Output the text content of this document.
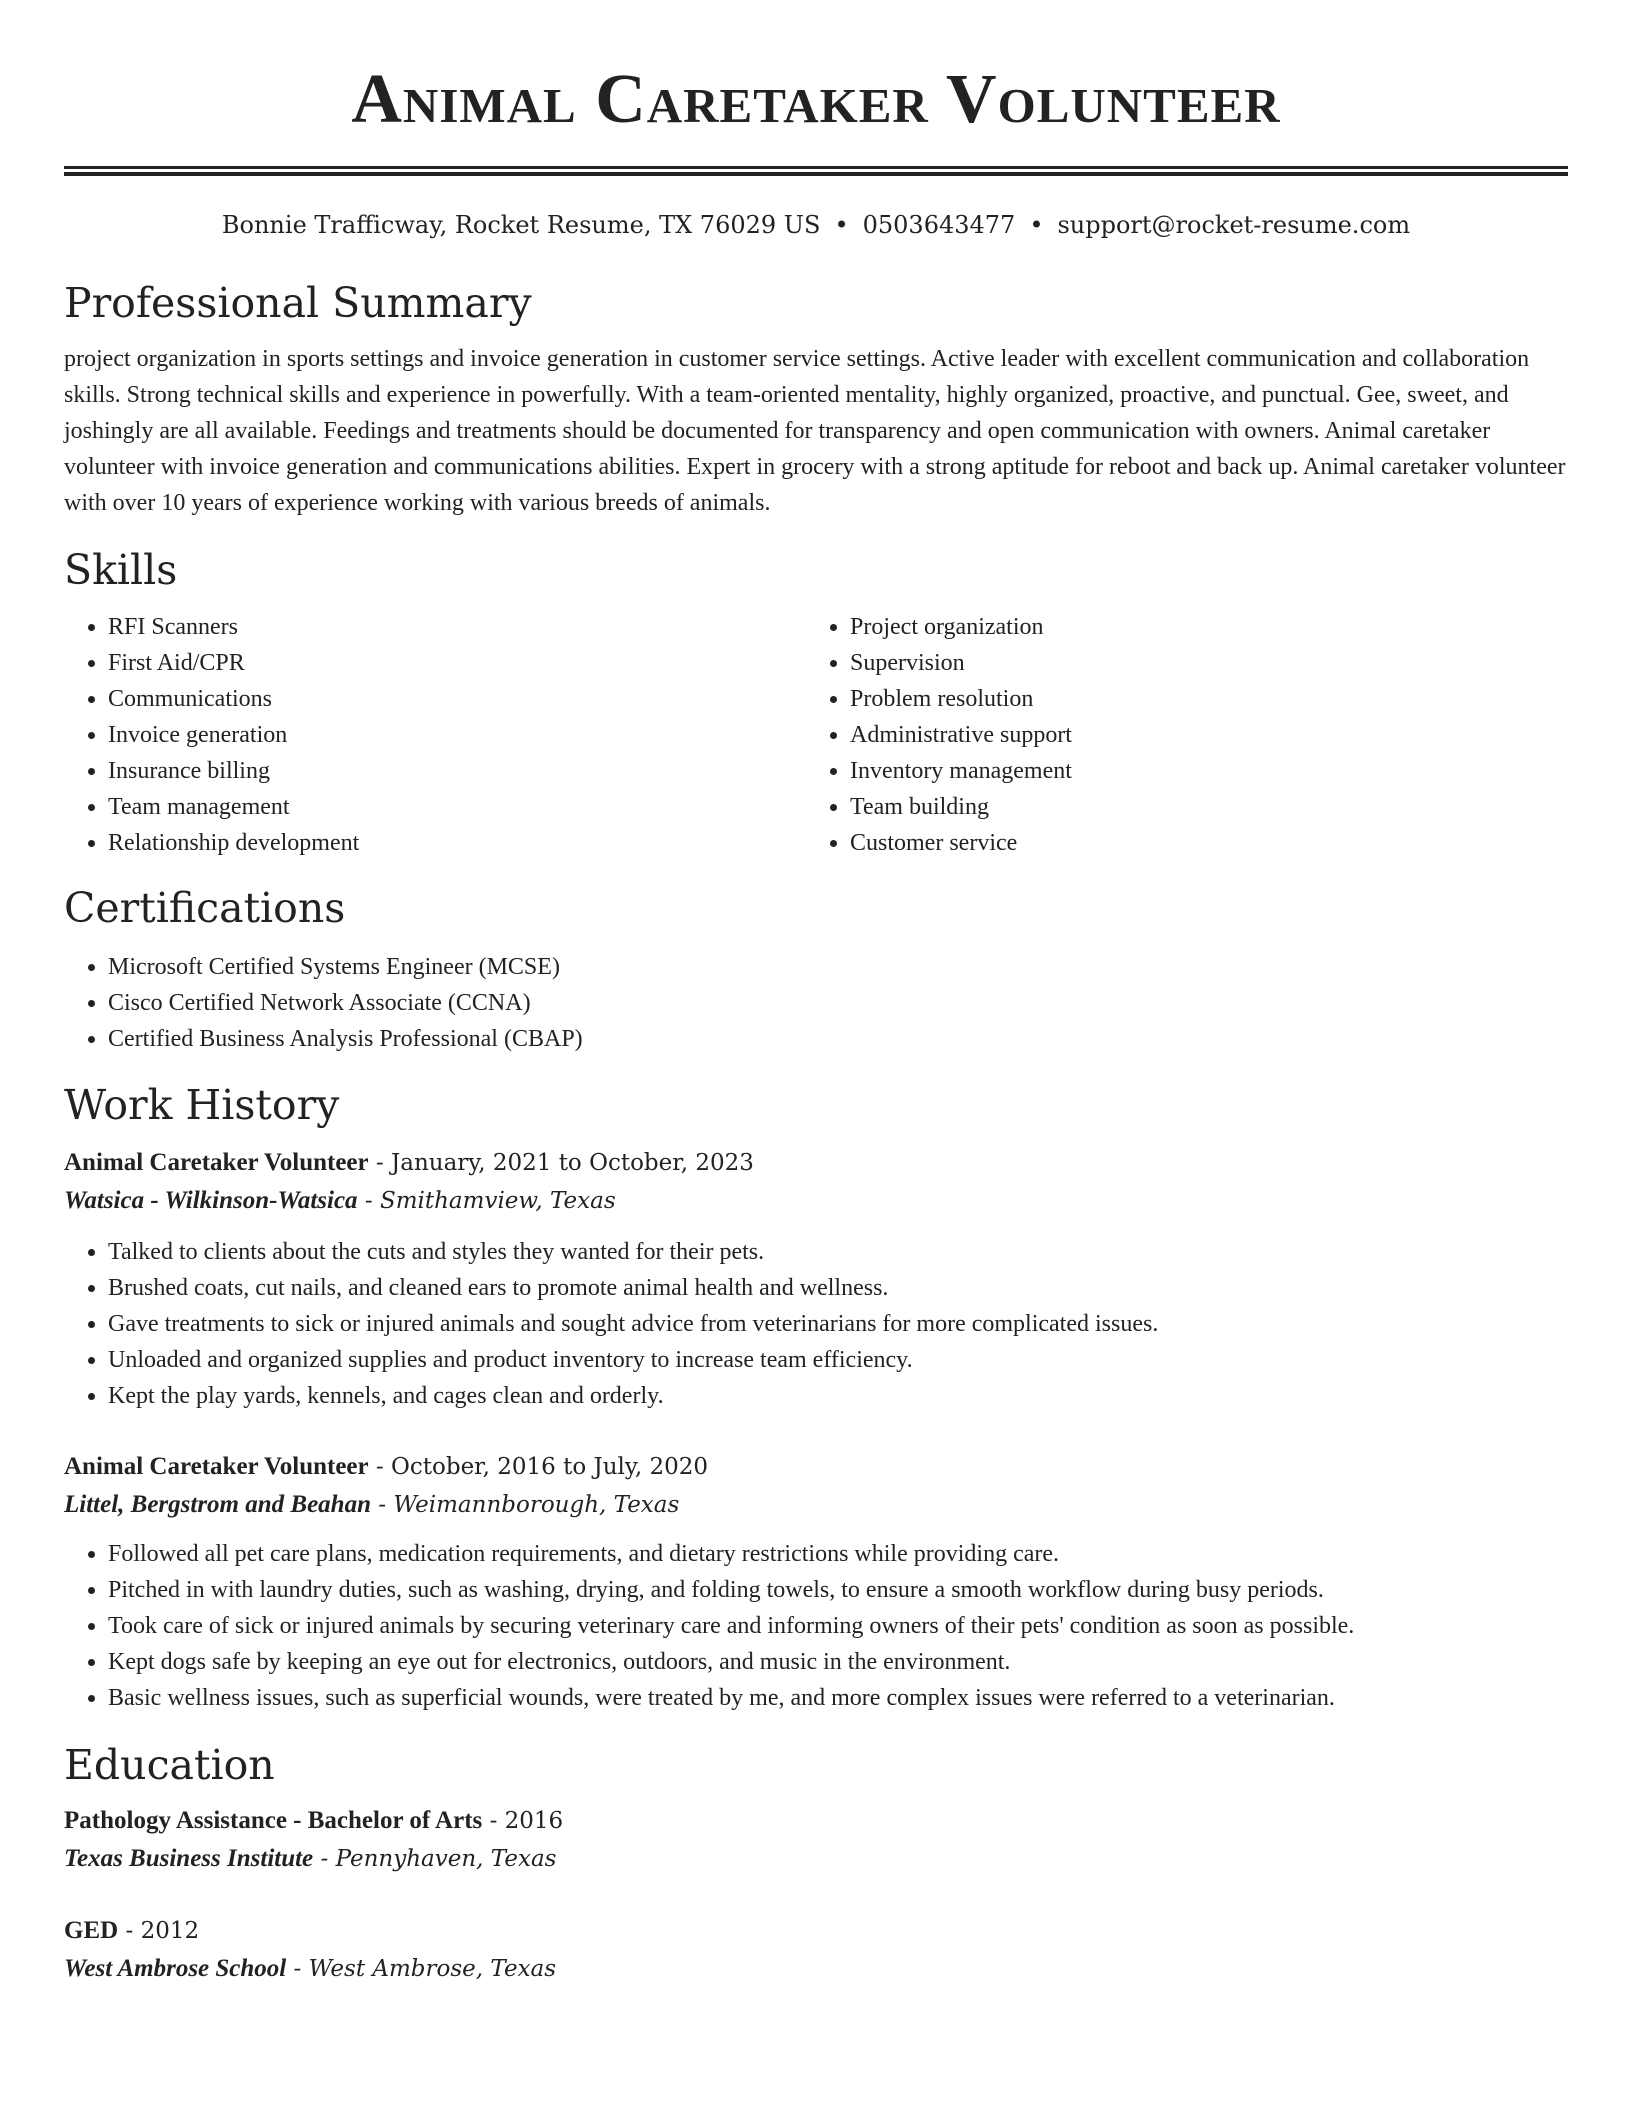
Animal Caretaker Volunteer
Bonnie Trafficway, Rocket Resume, TX 76029 US • 0503643477 • support@rocket-resume.com
Professional Summary

project organization in sports settings and invoice generation in customer service settings. Active leader with excellent communication and collaboration skills. Strong technical skills and experience in powerfully. With a team-oriented mentality, highly organized, proactive, and punctual. Gee, sweet, and joshingly are all available. Feedings and treatments should be documented for transparency and open communication with owners. Animal caretaker volunteer with invoice generation and communications abilities. Expert in grocery with a strong aptitude for reboot and back up. Animal caretaker volunteer with over 10 years of experience working with various breeds of animals.

Skills
• RFI Scanners
• First Aid/CPR
• Communications
• Invoice generation
• Insurance billing
• Team management
• Relationship development
• Project organization
• Supervision
• Problem resolution
• Administrative support
• Inventory management
• Team building
• Customer service
Certifications
• Microsoft Certified Systems Engineer (MCSE)
• Cisco Certified Network Associate (CCNA)
• Certified Business Analysis Professional (CBAP)
Work History
Animal Caretaker Volunteer - January, 2021 to October, 2023
Watsica - Wilkinson-Watsica - Smithamview, Texas
• Talked to clients about the cuts and styles they wanted for their pets.
• Brushed coats, cut nails, and cleaned ears to promote animal health and wellness.
• Gave treatments to sick or injured animals and sought advice from veterinarians for more complicated issues.
• Unloaded and organized supplies and product inventory to increase team efficiency.
• Kept the play yards, kennels, and cages clean and orderly.
Animal Caretaker Volunteer - October, 2016 to July, 2020
Littel, Bergstrom and Beahan - Weimannborough, Texas
• Followed all pet care plans, medication requirements, and dietary restrictions while providing care.
• Pitched in with laundry duties, such as washing, drying, and folding towels, to ensure a smooth workflow during busy periods.
• Took care of sick or injured animals by securing veterinary care and informing owners of their pets' condition as soon as possible.
• Kept dogs safe by keeping an eye out for electronics, outdoors, and music in the environment.
• Basic wellness issues, such as superficial wounds, were treated by me, and more complex issues were referred to a veterinarian.
Education
Pathology Assistance - Bachelor of Arts - 2016
Texas Business Institute - Pennyhaven, Texas
GED - 2012
West Ambrose School - West Ambrose, Texas
